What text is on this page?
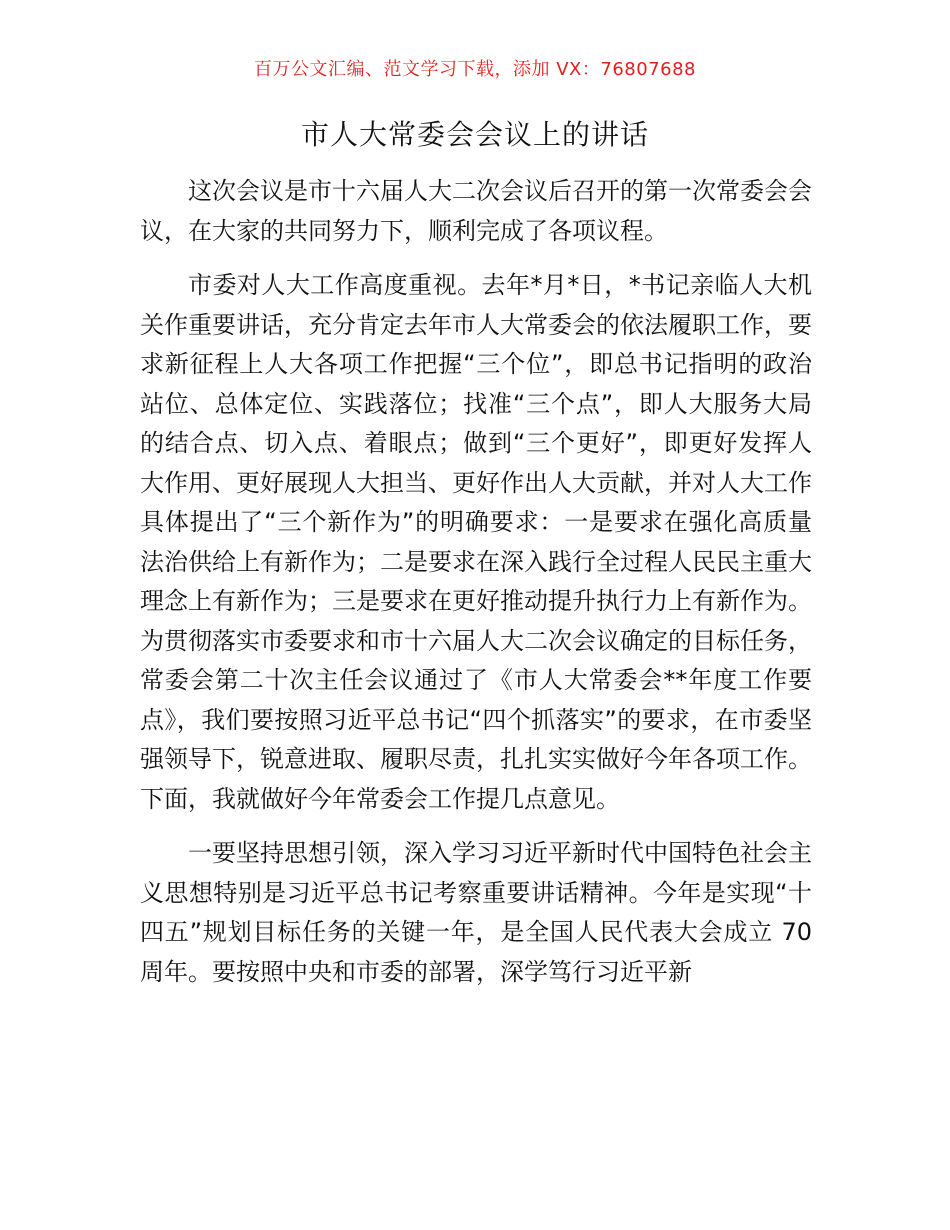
百万公文汇编、范文学习下载，添加 VX：76807688
市人大常委会会议上的讲话

这次会议是市十六届人大二次会议后召开的第一次常委会会议，在大家的共同努力下，顺利完成了各项议程。

市委对人大工作高度重视。去年*月*日，*书记亲临人大机关作重要讲话，充分肯定去年市人大常委会的依法履职工作，要求新征程上人大各项工作把握“三个位”，即总书记指明的政治站位、总体定位、实践落位；找准“三个点”，即人大服务大局的结合点、切入点、着眼点；做到“三个更好”，即更好发挥人大作用、更好展现人大担当、更好作出人大贡献，并对人大工作具体提出了“三个新作为”的明确要求：一是要求在强化高质量法治供给上有新作为；二是要求在深入践行全过程人民民主重大理念上有新作为；三是要求在更好推动提升执行力上有新作为。为贯彻落实市委要求和市十六届人大二次会议确定的目标任务，常委会第二十次主任会议通过了《市人大常委会**年度工作要点》，我们要按照习近平总书记“四个抓落实”的要求，在市委坚强领导下，锐意进取、履职尽责，扎扎实实做好今年各项工作。下面，我就做好今年常委会工作提几点意见。

一要坚持思想引领，深入学习习近平新时代中国特色社会主义思想特别是习近平总书记考察重要讲话精神。今年是实现“十四五”规划目标任务的关键一年，是全国人民代表大会成立 70 周年。要按照中央和市委的部署，深学笃行习近平新
